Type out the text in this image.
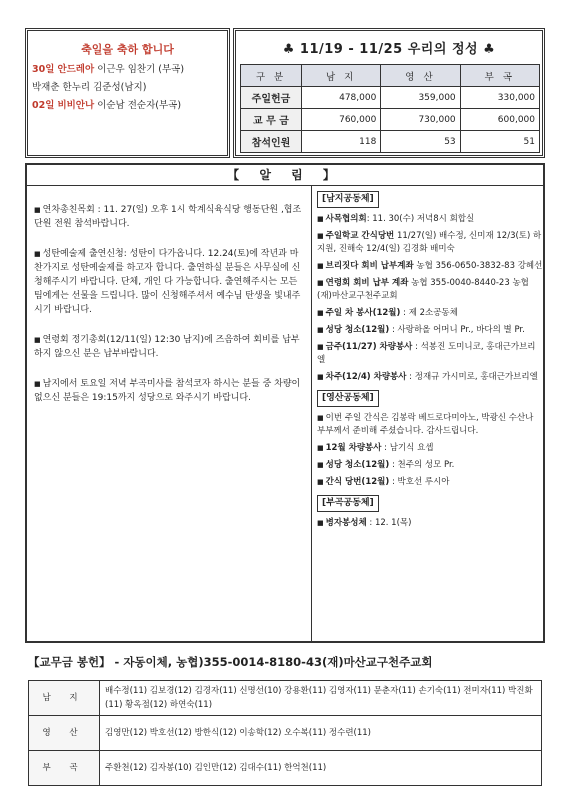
축일을 축하 합니다
30일 안드레아 이근우 임찬기 (부곡)
박재춘 한누리 김준성(남지)
02일 비비안나 이순남 전순자(부곡)
♣ 11/19 - 11/25 우리의 정성 ♣
구 분	남 지	영 산	부 곡
주일헌금	478,000	359,000	330,000
교 무 금	760,000	730,000	600,000
참석인원	118	53	51
【 알 림 】
■ 연차총친목회 : 11. 27(일) 오후 1시 학계식육식당 행동단원 ,협조단원 전원 참석바랍니다.
■ 성탄예술제 출연신청: 성탄이 다가옵니다. 12.24(토)에 작년과 마찬가지로 성탄예술제를 하고자 합니다. 출연하실 분들은 사무실에 신청해주시기 바랍니다. 단체, 개인 다 가능합니다. 출연해주시는 모든 팀에게는 선물을 드립니다. 많이 신청해주셔서 예수님 탄생을 빛내주시기 바랍니다.
■ 연령회 정기총회(12/11(일) 12:30 남지)에 즈음하여 회비를 납부하지 않으신 분은 납부바랍니다.
■ 남지에서 토요일 저녁 부곡미사를 참석코자 하시는 분들 중 차량이 없으신 분들은 19:15까지 성당으로 와주시기 바랍니다.
[남지공동체]
■ 사목협의회: 11. 30(수) 저녁8시 회합실
■ 주일학교 간식당번 11/27(일) 배수정, 신미재 12/3(토) 하지원, 진해숙 12/4(일) 김경화 배미숙
■ 브리짓다 회비 납부계좌 농협 356-0650-3832-83 강혜선
■ 연령회 회비 납부 계좌 농협 355-0040-8440-23 농협 (재)마산교구천주교회
■ 주일 차 봉사(12월) : 제 2소공동체
■ 성당 청소(12월) : 사랑하올 어머니 Pr., 바다의 별 Pr.
■ 금주(11/27) 차량봉사 : 석봉진 도미니코, 홍대근가브리엘
■ 차주(12/4) 차량봉사 : 정재규 가시미로, 홍대근가브리엘
[영산공동체]
■ 이번 주일 간식은 김봉락 베드로다미아노, 박광신 수산나 부부께서 준비해 주셨습니다. 감사드립니다.
■ 12월 차량봉사 : 남기식 요셉
■ 성당 청소(12월) : 천주의 성모 Pr.
■ 간식 당번(12월) : 박호선 루시아
[부곡공동체]
■ 병자봉성체 : 12. 1(목)
【교무금 봉헌】 - 자동이체, 농협)355-0014-8180-43(재)마산교구천주교회
남 지	배수정(11) 김보경(12) 김경자(11) 신명선(10) 강용환(11) 김영자(11) 문춘자(11) 손기숙(11) 전미자(11) 박진화(11) 황옥점(12) 하연숙(11)
영 산	김영만(12) 박호선(12) 방한식(12) 이송학(12) 오수복(11) 정수련(11)
부 곡	주환천(12) 김자봉(10) 김인만(12) 김대수(11) 한억천(11)
